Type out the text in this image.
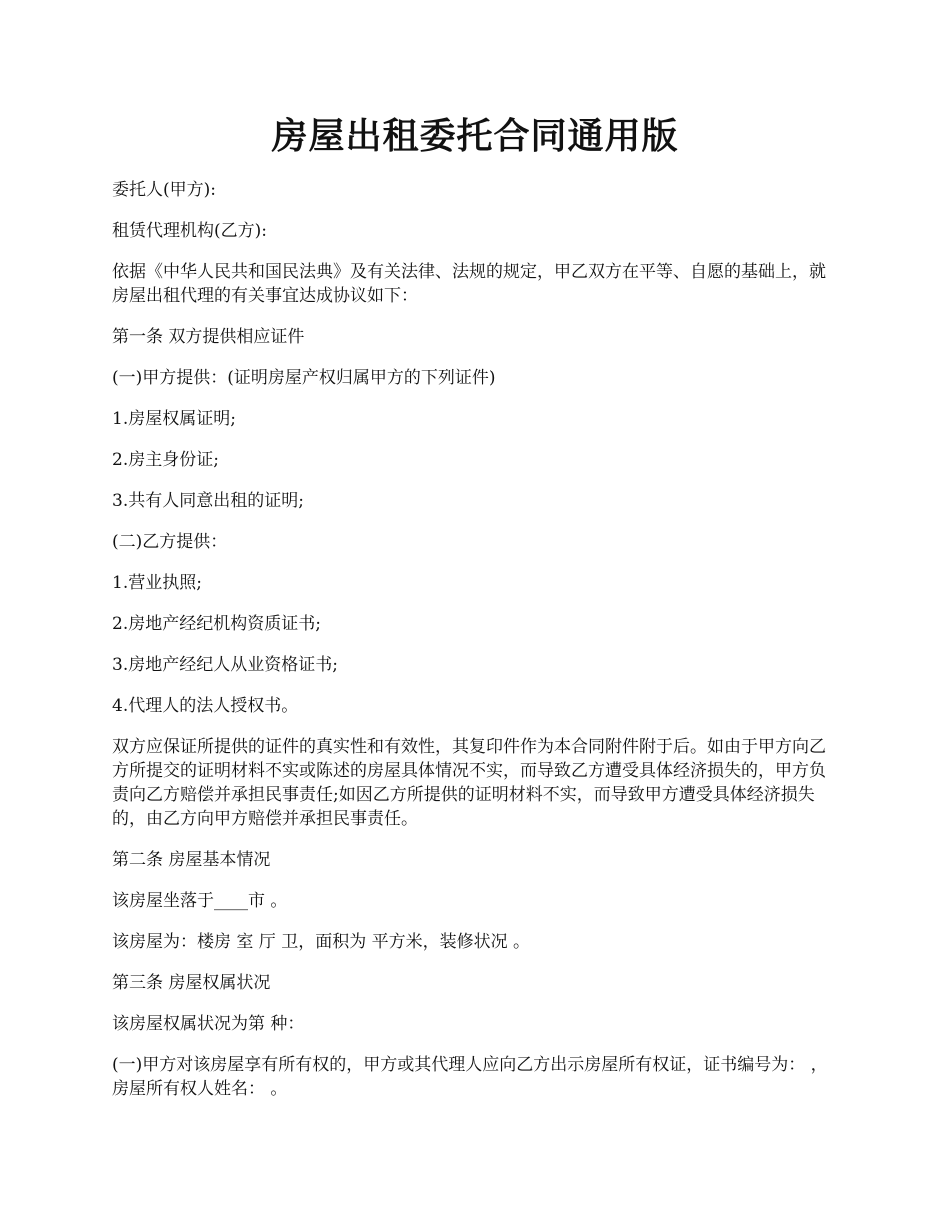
房屋出租委托合同通用版

委托人(甲方):

租赁代理机构(乙方):

依据《中华人民共和国民法典》及有关法律、法规的规定，甲乙双方在平等、自愿的基础上，就房屋出租代理的有关事宜达成协议如下：

第一条 双方提供相应证件

(一)甲方提供：(证明房屋产权归属甲方的下列证件)

1.房屋权属证明;

2.房主身份证;

3.共有人同意出租的证明;

(二)乙方提供：

1.营业执照;

2.房地产经纪机构资质证书;

3.房地产经纪人从业资格证书;

4.代理人的法人授权书。

双方应保证所提供的证件的真实性和有效性，其复印件作为本合同附件附于后。如由于甲方向乙方所提交的证明材料不实或陈述的房屋具体情况不实，而导致乙方遭受具体经济损失的，甲方负责向乙方赔偿并承担民事责任;如因乙方所提供的证明材料不实，而导致甲方遭受具体经济损失的，由乙方向甲方赔偿并承担民事责任。

第二条 房屋基本情况

该房屋坐落于____市 。

该房屋为：楼房 室 厅 卫，面积为 平方米，装修状况 。

第三条 房屋权属状况

该房屋权属状况为第 种：

(一)甲方对该房屋享有所有权的，甲方或其代理人应向乙方出示房屋所有权证，证书编号为： ，房屋所有权人姓名： 。
